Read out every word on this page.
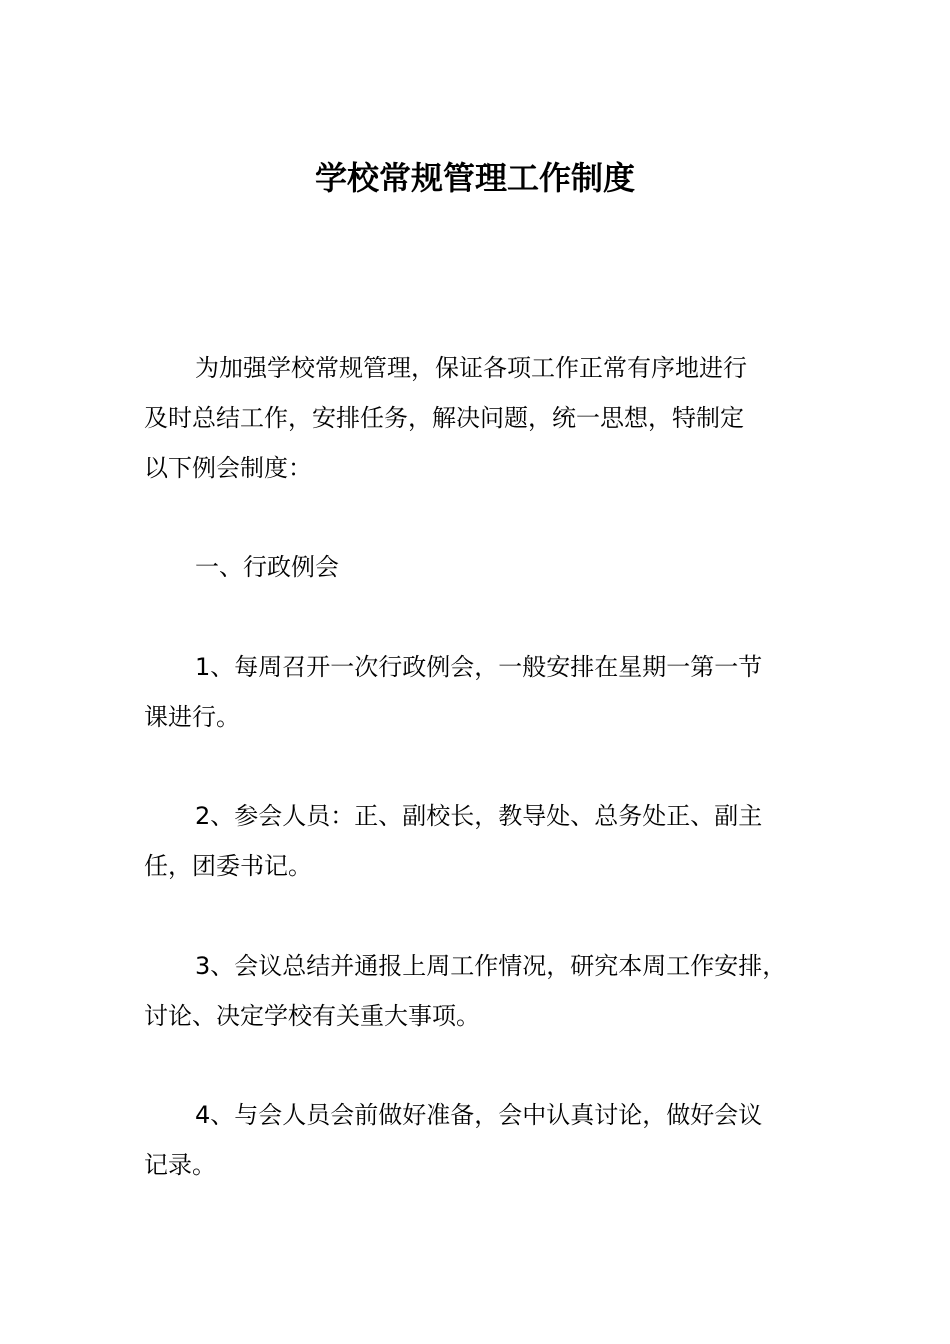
学校常规管理工作制度
为加强学校常规管理，保证各项工作正常有序地进行
及时总结工作，安排任务，解决问题，统一思想，特制定
以下例会制度：
一、行政例会
1、每周召开一次行政例会，一般安排在星期一第一节
课进行。
2、参会人员：正、副校长，教导处、总务处正、副主
任，团委书记。
3、会议总结并通报上周工作情况，研究本周工作安排，
讨论、决定学校有关重大事项。
4、与会人员会前做好准备，会中认真讨论，做好会议
记录。
